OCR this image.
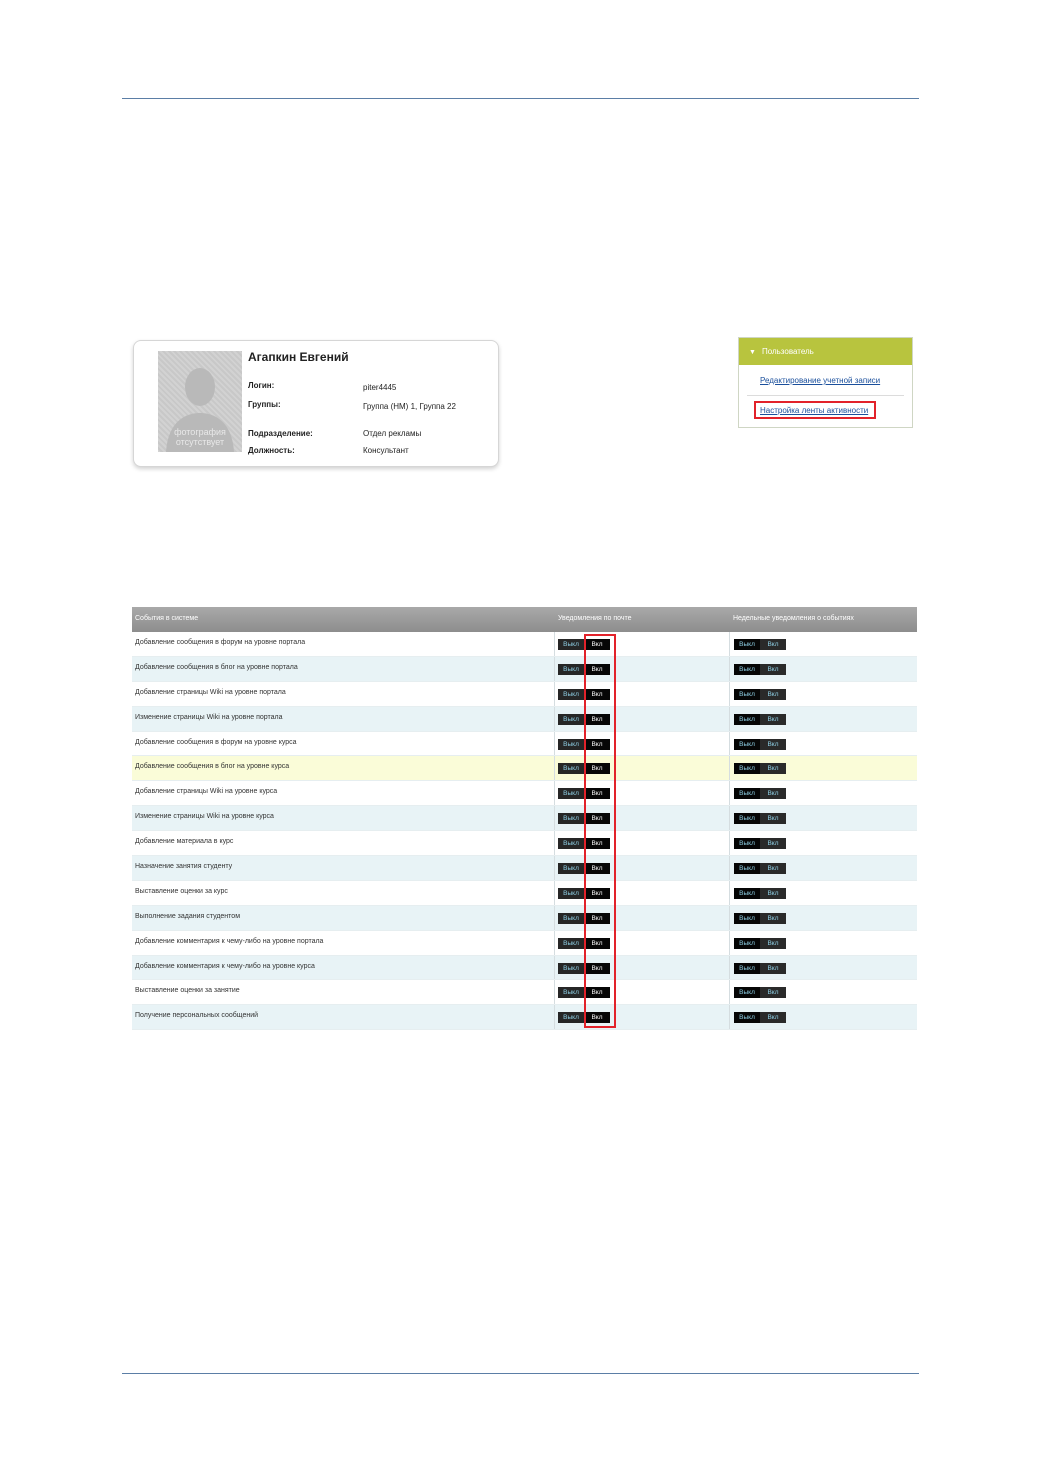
фотография отсутствует
Агапкин Евгений
Логин:	piter4445
Группы:	Группа (НМ) 1, Группа 22
Подразделение:	Отдел рекламы
Должность:	Консультант
▼ Пользователь
Редактирование учетной записи
Настройка ленты активности
События в системе	Уведомления по почте	Недельные уведомления о событиях
Добавление сообщения в форум на уровне портала	Выкл	Вкл	Выкл	Вкл
Добавление сообщения в блог на уровне портала	Выкл	Вкл	Выкл	Вкл
Добавление страницы Wiki на уровне портала	Выкл	Вкл	Выкл	Вкл
Изменение страницы Wiki на уровне портала	Выкл	Вкл	Выкл	Вкл
Добавление сообщения в форум на уровне курса	Выкл	Вкл	Выкл	Вкл
Добавление сообщения в блог на уровне курса	Выкл	Вкл	Выкл	Вкл
Добавление страницы Wiki на уровне курса	Выкл	Вкл	Выкл	Вкл
Изменение страницы Wiki на уровне курса	Выкл	Вкл	Выкл	Вкл
Добавление материала в курс	Выкл	Вкл	Выкл	Вкл
Назначение занятия студенту	Выкл	Вкл	Выкл	Вкл
Выставление оценки за курс	Выкл	Вкл	Выкл	Вкл
Выполнение задания студентом	Выкл	Вкл	Выкл	Вкл
Добавление комментария к чему-либо на уровне портала	Выкл	Вкл	Выкл	Вкл
Добавление комментария к чему-либо на уровне курса	Выкл	Вкл	Выкл	Вкл
Выставление оценки за занятие	Выкл	Вкл	Выкл	Вкл
Получение персональных сообщений	Выкл	Вкл	Выкл	Вкл
